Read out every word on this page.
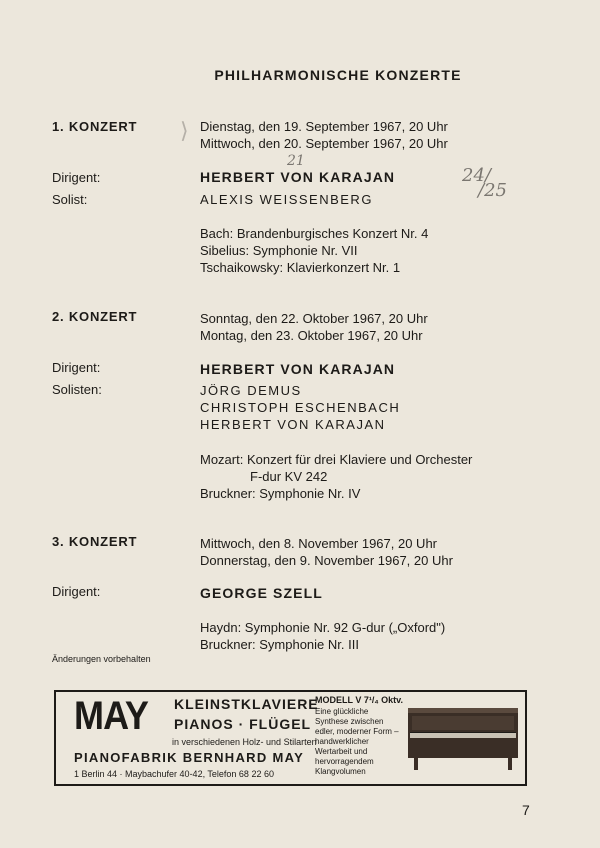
PHILHARMONISCHE KONZERTE
1. KONZERT	Dienstag, den 19. September 1967, 20 Uhr
Mittwoch, den 20. September 1967, 20 Uhr
Dirigent:	HERBERT VON KARAJAN
Solist:	ALEXIS WEISSENBERG
Bach: Brandenburgisches Konzert Nr. 4
Sibelius: Symphonie Nr. VII
Tschaikowsky: Klavierkonzert Nr. 1
2. KONZERT	Sonntag, den 22. Oktober 1967, 20 Uhr
Montag, den 23. Oktober 1967, 20 Uhr
Dirigent:	HERBERT VON KARAJAN
Solisten:	JÖRG DEMUS
CHRISTOPH ESCHENBACH
HERBERT VON KARAJAN
Mozart: Konzert für drei Klaviere und Orchester
F-dur KV 242
Bruckner: Symphonie Nr. IV
3. KONZERT	Mittwoch, den 8. November 1967, 20 Uhr
Donnerstag, den 9. November 1967, 20 Uhr
Dirigent:	GEORGE SZELL
Haydn: Symphonie Nr. 92 G-dur („Oxford")
Bruckner: Symphonie Nr. III
⟩
21
24/
/25
Änderungen vorbehalten
MAY KLEINSTKLAVIERE
PIANOS · FLÜGEL
in verschiedenen Holz- und Stilarten
PIANOFABRIK BERNHARD MAY
1 Berlin 44 · Maybachufer 40-42, Telefon 68 22 60
MODELL V 7¹/₄ Oktv.
Eine glückliche Synthese zwischen edler, moderner Form – handwerklicher Wertarbeit und hervorragendem Klangvolumen
7
